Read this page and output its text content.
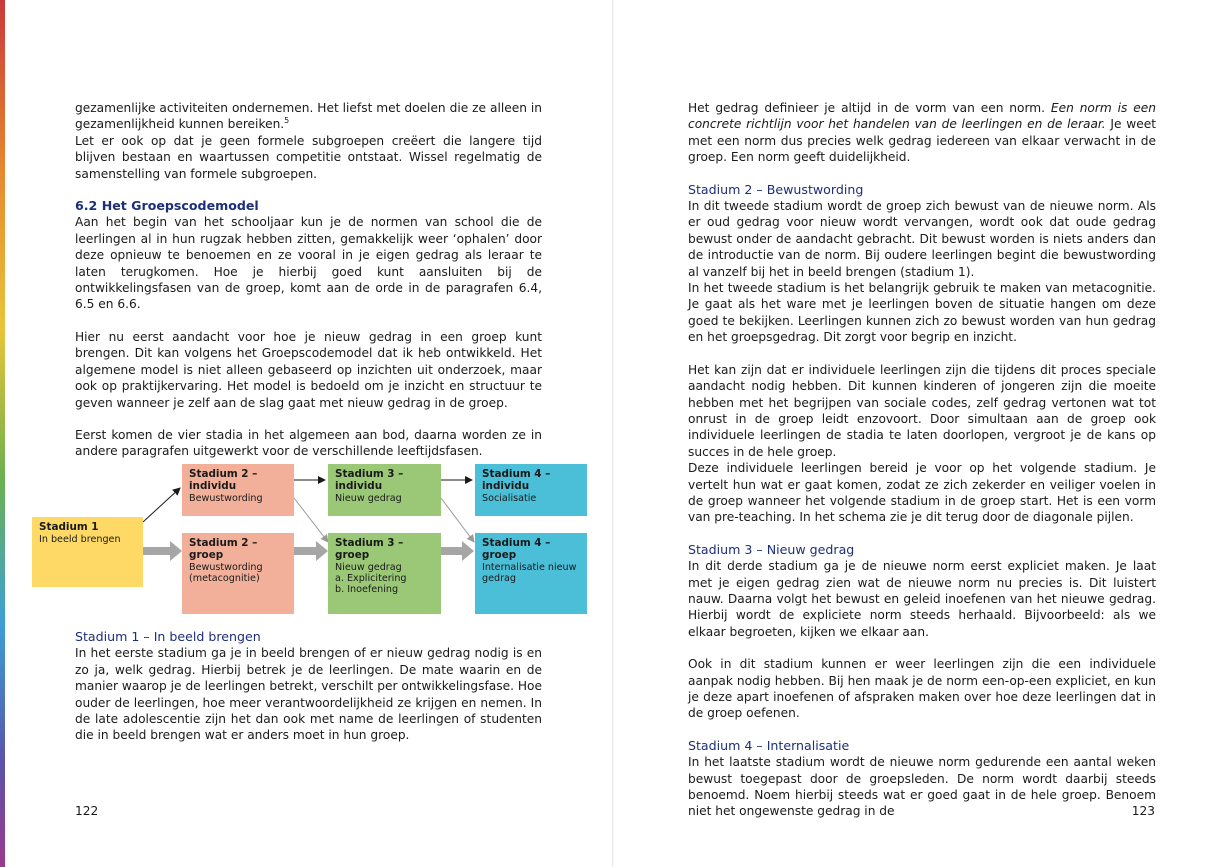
gezamenlijke activiteiten ondernemen. Het liefst met doelen die ze alleen in gezamenlijkheid kunnen bereiken.$^5$

Let er ook op dat je geen formele subgroepen creëert die langere tijd blijven bestaan en waartussen competitie ontstaat. Wissel regelmatig de samenstelling van formele subgroepen.

6.2 Het Groepscodemodel

Aan het begin van het schooljaar kun je de normen van school die de leerlingen al in hun rugzak hebben zitten, gemakkelijk weer ‘ophalen’ door deze opnieuw te benoemen en ze vooral in je eigen gedrag als leraar te laten terugkomen. Hoe je hierbij goed kunt aansluiten bij de ontwikkelingsfasen van de groep, komt aan de orde in de paragrafen 6.4, 6.5 en 6.6.

Hier nu eerst aandacht voor hoe je nieuw gedrag in een groep kunt brengen. Dit kan volgens het Groepscodemodel dat ik heb ontwikkeld. Het algemene model is niet alleen gebaseerd op inzichten uit onderzoek, maar ook op praktijkervaring. Het model is bedoeld om je inzicht en structuur te geven wanneer je zelf aan de slag gaat met nieuw gedrag in de groep.

Eerst komen de vier stadia in het algemeen aan bod, daarna worden ze in andere paragrafen uitgewerkt voor de verschillende leeftijdsfasen.

Stadium 1
In beeld brengen
Stadium 2 – individu
Bewustwording
Stadium 3 – individu
Nieuw gedrag
Stadium 4 – individu
Socialisatie
Stadium 2 – groep
Bewustwording (metacognitie)
Stadium 3 – groep
Nieuw gedrag
a. Explicitering
b. Inoefening
Stadium 4 – groep
Internalisatie nieuw gedrag

Stadium 1 – In beeld brengen

In het eerste stadium ga je in beeld brengen of er nieuw gedrag nodig is en zo ja, welk gedrag. Hierbij betrek je de leerlingen. De mate waarin en de manier waarop je de leerlingen betrekt, verschilt per ontwikkelingsfase. Hoe ouder de leerlingen, hoe meer verantwoordelijkheid ze krijgen en nemen. In de late adolescentie zijn het dan ook met name de leerlingen of studenten die in beeld brengen wat er anders moet in hun groep.

122

Het gedrag definieer je altijd in de vorm van een norm. Een norm is een concrete richtlijn voor het handelen van de leerlingen en de leraar. Je weet met een norm dus precies welk gedrag iedereen van elkaar verwacht in de groep. Een norm geeft duidelijkheid.

Stadium 2 – Bewustwording

In dit tweede stadium wordt de groep zich bewust van de nieuwe norm. Als er oud gedrag voor nieuw wordt vervangen, wordt ook dat oude gedrag bewust onder de aandacht gebracht. Dit bewust worden is niets anders dan de introductie van de norm. Bij oudere leerlingen begint die bewustwording al vanzelf bij het in beeld brengen (stadium 1).

In het tweede stadium is het belangrijk gebruik te maken van metacognitie. Je gaat als het ware met je leerlingen boven de situatie hangen om deze goed te bekijken. Leerlingen kunnen zich zo bewust worden van hun gedrag en het groepsgedrag. Dit zorgt voor begrip en inzicht.

Het kan zijn dat er individuele leerlingen zijn die tijdens dit proces speciale aandacht nodig hebben. Dit kunnen kinderen of jongeren zijn die moeite hebben met het begrijpen van sociale codes, zelf gedrag vertonen wat tot onrust in de groep leidt enzovoort. Door simultaan aan de groep ook individuele leerlingen de stadia te laten doorlopen, vergroot je de kans op succes in de hele groep.

Deze individuele leerlingen bereid je voor op het volgende stadium. Je vertelt hun wat er gaat komen, zodat ze zich zekerder en veiliger voelen in de groep wanneer het volgende stadium in de groep start. Het is een vorm van pre-teaching. In het schema zie je dit terug door de diagonale pijlen.

Stadium 3 – Nieuw gedrag

In dit derde stadium ga je de nieuwe norm eerst expliciet maken. Je laat met je eigen gedrag zien wat de nieuwe norm nu precies is. Dit luistert nauw. Daarna volgt het bewust en geleid inoefenen van het nieuwe gedrag. Hierbij wordt de expliciete norm steeds herhaald. Bijvoorbeeld: als we elkaar begroeten, kijken we elkaar aan.

Ook in dit stadium kunnen er weer leerlingen zijn die een individuele aanpak nodig hebben. Bij hen maak je de norm een-op-een expliciet, en kun je deze apart inoefenen of afspraken maken over hoe deze leerlingen dat in de groep oefenen.

Stadium 4 – Internalisatie

In het laatste stadium wordt de nieuwe norm gedurende een aantal weken bewust toegepast door de groepsleden. De norm wordt daarbij steeds benoemd. Noem hierbij steeds wat er goed gaat in de hele groep. Benoem niet het ongewenste gedrag in de	123
